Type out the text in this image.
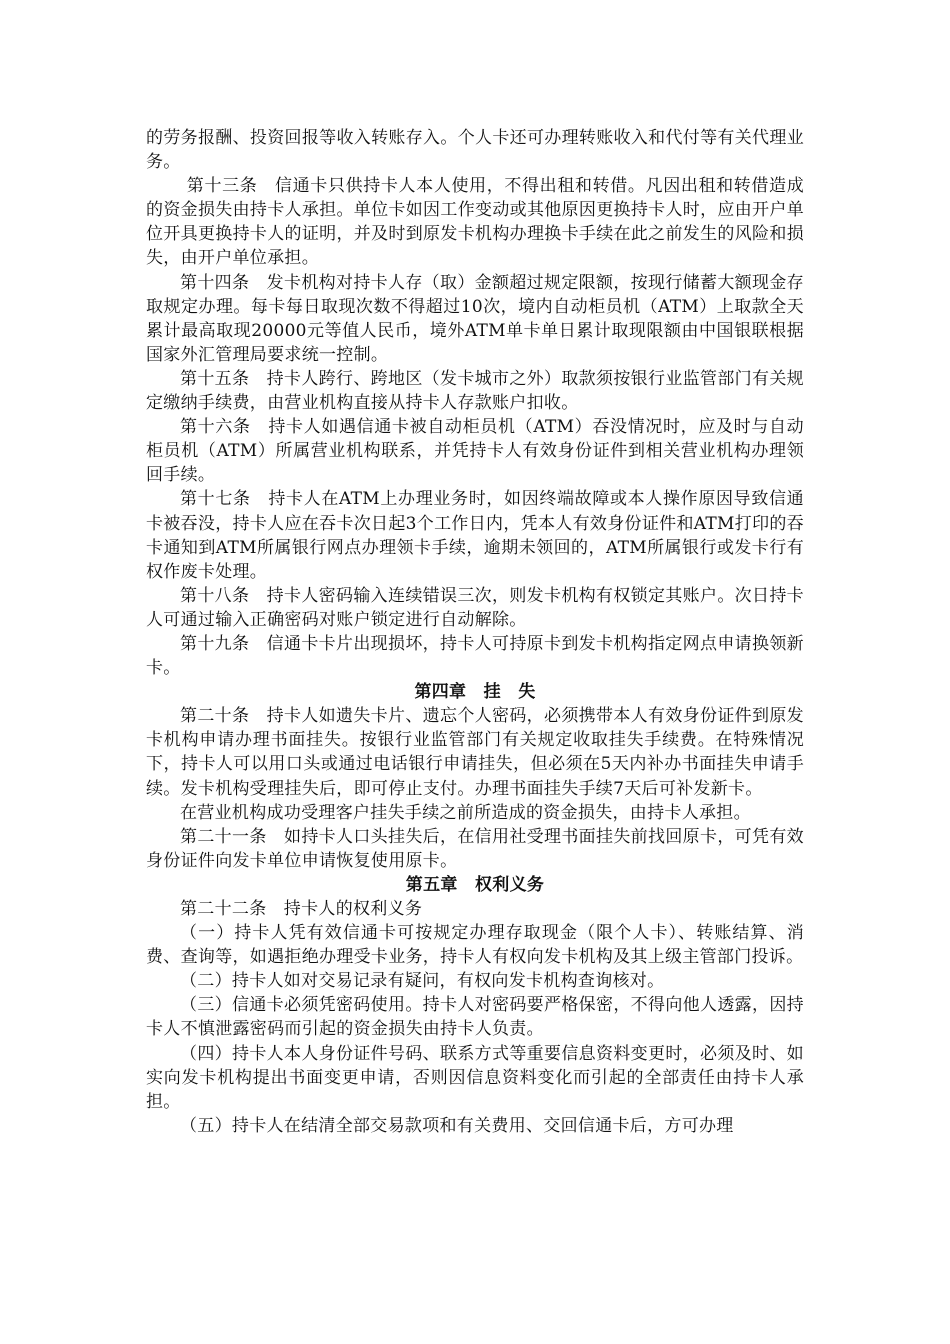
的劳务报酬、投资回报等收入转账存入。个人卡还可办理转账收入和代付等有关代理业务。

第十三条　信通卡只供持卡人本人使用，不得出租和转借。凡因出租和转借造成的资金损失由持卡人承担。单位卡如因工作变动或其他原因更换持卡人时，应由开户单位开具更换持卡人的证明，并及时到原发卡机构办理换卡手续在此之前发生的风险和损失，由开户单位承担。

第十四条　发卡机构对持卡人存（取）金额超过规定限额，按现行储蓄大额现金存取规定办理。每卡每日取现次数不得超过10次，境内自动柜员机（ATM）上取款全天累计最高取现20000元等值人民币，境外ATM单卡单日累计取现限额由中国银联根据国家外汇管理局要求统一控制。

第十五条　持卡人跨行、跨地区（发卡城市之外）取款须按银行业监管部门有关规定缴纳手续费，由营业机构直接从持卡人存款账户扣收。

第十六条　持卡人如遇信通卡被自动柜员机（ATM）吞没情况时，应及时与自动柜员机（ATM）所属营业机构联系，并凭持卡人有效身份证件到相关营业机构办理领回手续。

第十七条　持卡人在ATM上办理业务时，如因终端故障或本人操作原因导致信通卡被吞没，持卡人应在吞卡次日起3个工作日内，凭本人有效身份证件和ATM打印的吞卡通知到ATM所属银行网点办理领卡手续，逾期未领回的，ATM所属银行或发卡行有权作废卡处理。

第十八条　持卡人密码输入连续错误三次，则发卡机构有权锁定其账户。次日持卡人可通过输入正确密码对账户锁定进行自动解除。

第十九条　信通卡卡片出现损坏，持卡人可持原卡到发卡机构指定网点申请换领新卡。

第四章　挂　失

第二十条　持卡人如遗失卡片、遗忘个人密码，必须携带本人有效身份证件到原发卡机构申请办理书面挂失。按银行业监管部门有关规定收取挂失手续费。在特殊情况下，持卡人可以用口头或通过电话银行申请挂失，但必须在5天内补办书面挂失申请手续。发卡机构受理挂失后，即可停止支付。办理书面挂失手续7天后可补发新卡。

在营业机构成功受理客户挂失手续之前所造成的资金损失，由持卡人承担。

第二十一条　如持卡人口头挂失后，在信用社受理书面挂失前找回原卡，可凭有效身份证件向发卡单位申请恢复使用原卡。

第五章　权利义务

第二十二条　持卡人的权利义务

（一）持卡人凭有效信通卡可按规定办理存取现金（限个人卡）、转账结算、消费、查询等，如遇拒绝办理受卡业务，持卡人有权向发卡机构及其上级主管部门投诉。

（二）持卡人如对交易记录有疑问，有权向发卡机构查询核对。

（三）信通卡必须凭密码使用。持卡人对密码要严格保密，不得向他人透露，因持卡人不慎泄露密码而引起的资金损失由持卡人负责。

（四）持卡人本人身份证件号码、联系方式等重要信息资料变更时，必须及时、如实向发卡机构提出书面变更申请，否则因信息资料变化而引起的全部责任由持卡人承担。

（五）持卡人在结清全部交易款项和有关费用、交回信通卡后，方可办理
